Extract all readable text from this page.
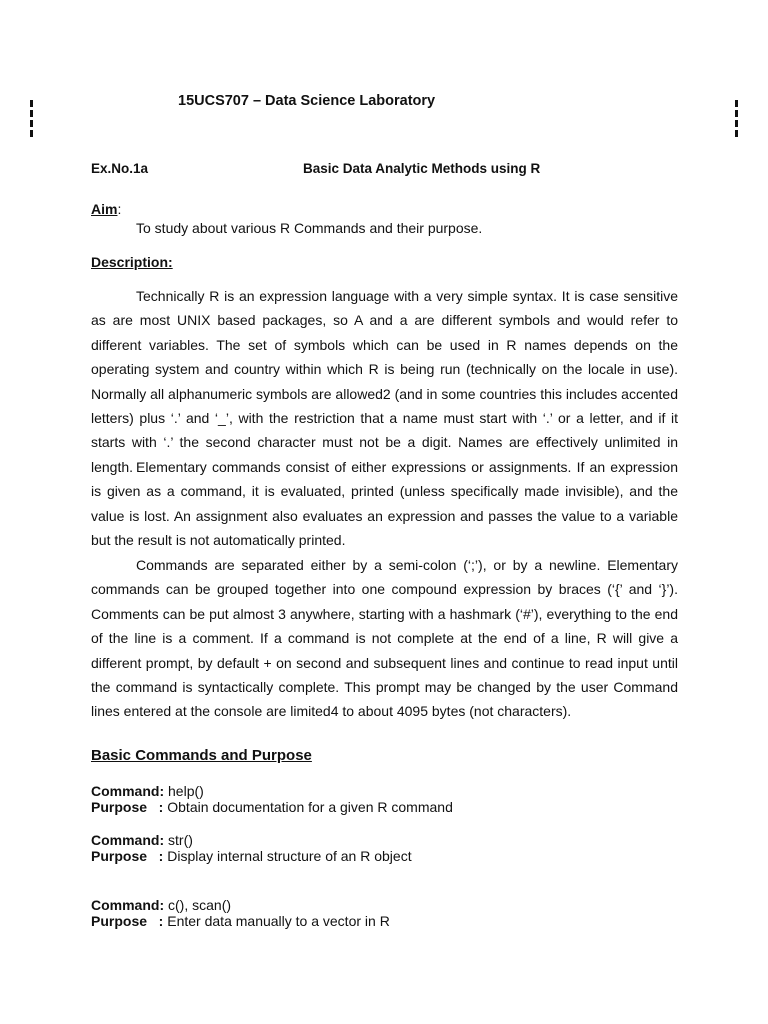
15UCS707 – Data Science Laboratory
Ex.No.1a	Basic Data Analytic Methods using R
Aim:
To study about various R Commands and their purpose.
Description:

Technically R is an expression language with a very simple syntax. It is case sensitive as are most UNIX based packages, so A and a are different symbols and would refer to different variables. The set of symbols which can be used in R names depends on the operating system and country within which R is being run (technically on the locale in use). Normally all alphanumeric symbols are allowed2 (and in some countries this includes accented letters) plus ‘.’ and ‘_’, with the restriction that a name must start with ‘.’ or a letter, and if it starts with ‘.’ the second character must not be a digit. Names are effectively unlimited in length. Elementary commands consist of either expressions or assignments. If an expression is given as a command, it is evaluated, printed (unless specifically made invisible), and the value is lost. An assignment also evaluates an expression and passes the value to a variable but the result is not automatically printed.

Commands are separated either by a semi-colon (‘;’), or by a newline. Elementary commands can be grouped together into one compound expression by braces (‘{’ and ‘}’). Comments can be put almost 3 anywhere, starting with a hashmark (‘#’), everything to the end of the line is a comment. If a command is not complete at the end of a line, R will give a different prompt, by default + on second and subsequent lines and continue to read input until the command is syntactically complete. This prompt may be changed by the user Command lines entered at the console are limited4 to about 4095 bytes (not characters).

Basic Commands and Purpose
Command: help()
Purpose   : Obtain documentation for a given R command
Command: str()
Purpose   : Display internal structure of an R object
Command: c(), scan()
Purpose   : Enter data manually to a vector in R
